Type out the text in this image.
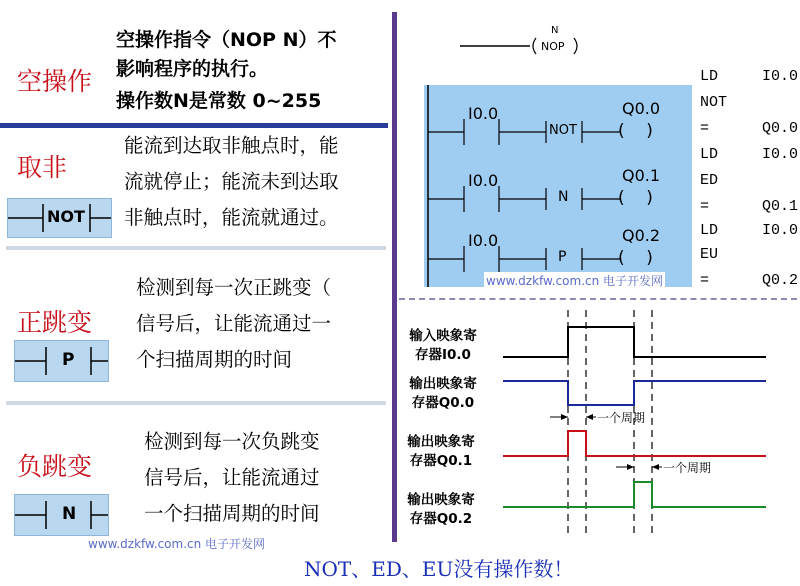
空操作
空操作指令（NOP N）不
影响程序的执行。
操作数N是常数 0~255
取非
NOT
能流到达取非触点时，能
流就停止；能流未到达取
非触点时，能流就通过。
正跳变
P
检测到每一次正跳变（
信号后，让能流通过一
个扫描周期的时间
负跳变
N
检测到每一次负跳变
信号后，让能流通过
一个扫描周期的时间
www.dzkfw.com.cn 电子开发网
N
NOP
I0.0
NOT
Q0.0
(    )
I0.0
N
Q0.1
(    )
I0.0
P
Q0.2
(    )
www.dzkfw.com.cn 电子开发网
LD	I0.0
NOT
=	Q0.0
LD	I0.0
ED
=	Q0.1
LD	I0.0
EU
=	Q0.2
输入映象寄
存器I0.0
输出映象寄
存器Q0.0
输出映象寄
存器Q0.1
输出映象寄
存器Q0.2
一个周期
一个周期
NOT、ED、EU没有操作数！
